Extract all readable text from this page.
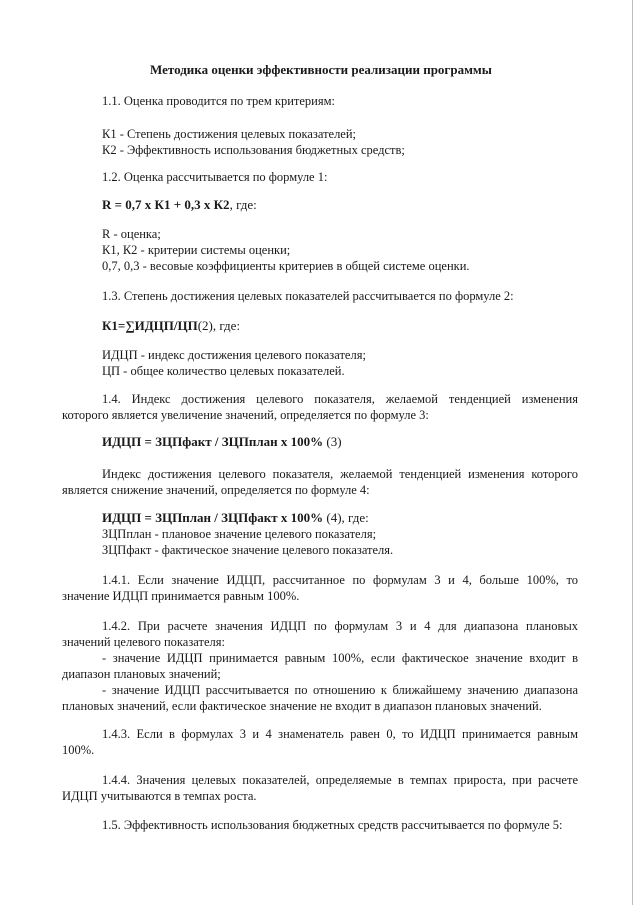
Методика оценки эффективности реализации программы
1.1. Оценка проводится по трем критериям:
К1 - Степень достижения целевых показателей;
К2 - Эффективность использования бюджетных средств;
1.2. Оценка рассчитывается по формуле 1:
R = 0,7 х К1 + 0,3 х К2, где:
R - оценка;
К1, К2 - критерии системы оценки;
0,7, 0,3 - весовые коэффициенты критериев в общей системе оценки.
1.3. Степень достижения целевых показателей рассчитывается по формуле 2:
К1=∑ИДЦП/ЦП(2), где:
ИДЦП - индекс достижения целевого показателя;
ЦП - общее количество целевых показателей.
1.4. Индекс достижения целевого показателя, желаемой тенденцией изменения
которого является увеличение значений, определяется по формуле 3:
ИДЦП = ЗЦПфакт / ЗЦПплан х 100% (3)
Индекс достижения целевого показателя, желаемой тенденцией изменения которого
является снижение значений, определяется по формуле 4:
ИДЦП = ЗЦПплан / ЗЦПфакт х 100% (4), где:
ЗЦПплан - плановое значение целевого показателя;
ЗЦПфакт - фактическое значение целевого показателя.
1.4.1. Если значение ИДЦП, рассчитанное по формулам 3 и 4, больше 100%, то
значение ИДЦП принимается равным 100%.
1.4.2. При расчете значения ИДЦП по формулам 3 и 4 для диапазона плановых
значений целевого показателя:
- значение ИДЦП принимается равным 100%, если фактическое значение входит в
диапазон плановых значений;
- значение ИДЦП рассчитывается по отношению к ближайшему значению диапазона
плановых значений, если фактическое значение не входит в диапазон плановых значений.
1.4.3. Если в формулах 3 и 4 знаменатель равен 0, то ИДЦП принимается равным
100%.
1.4.4. Значения целевых показателей, определяемые в темпах прироста, при расчете
ИДЦП учитываются в темпах роста.
1.5. Эффективность использования бюджетных средств рассчитывается по формуле 5:
